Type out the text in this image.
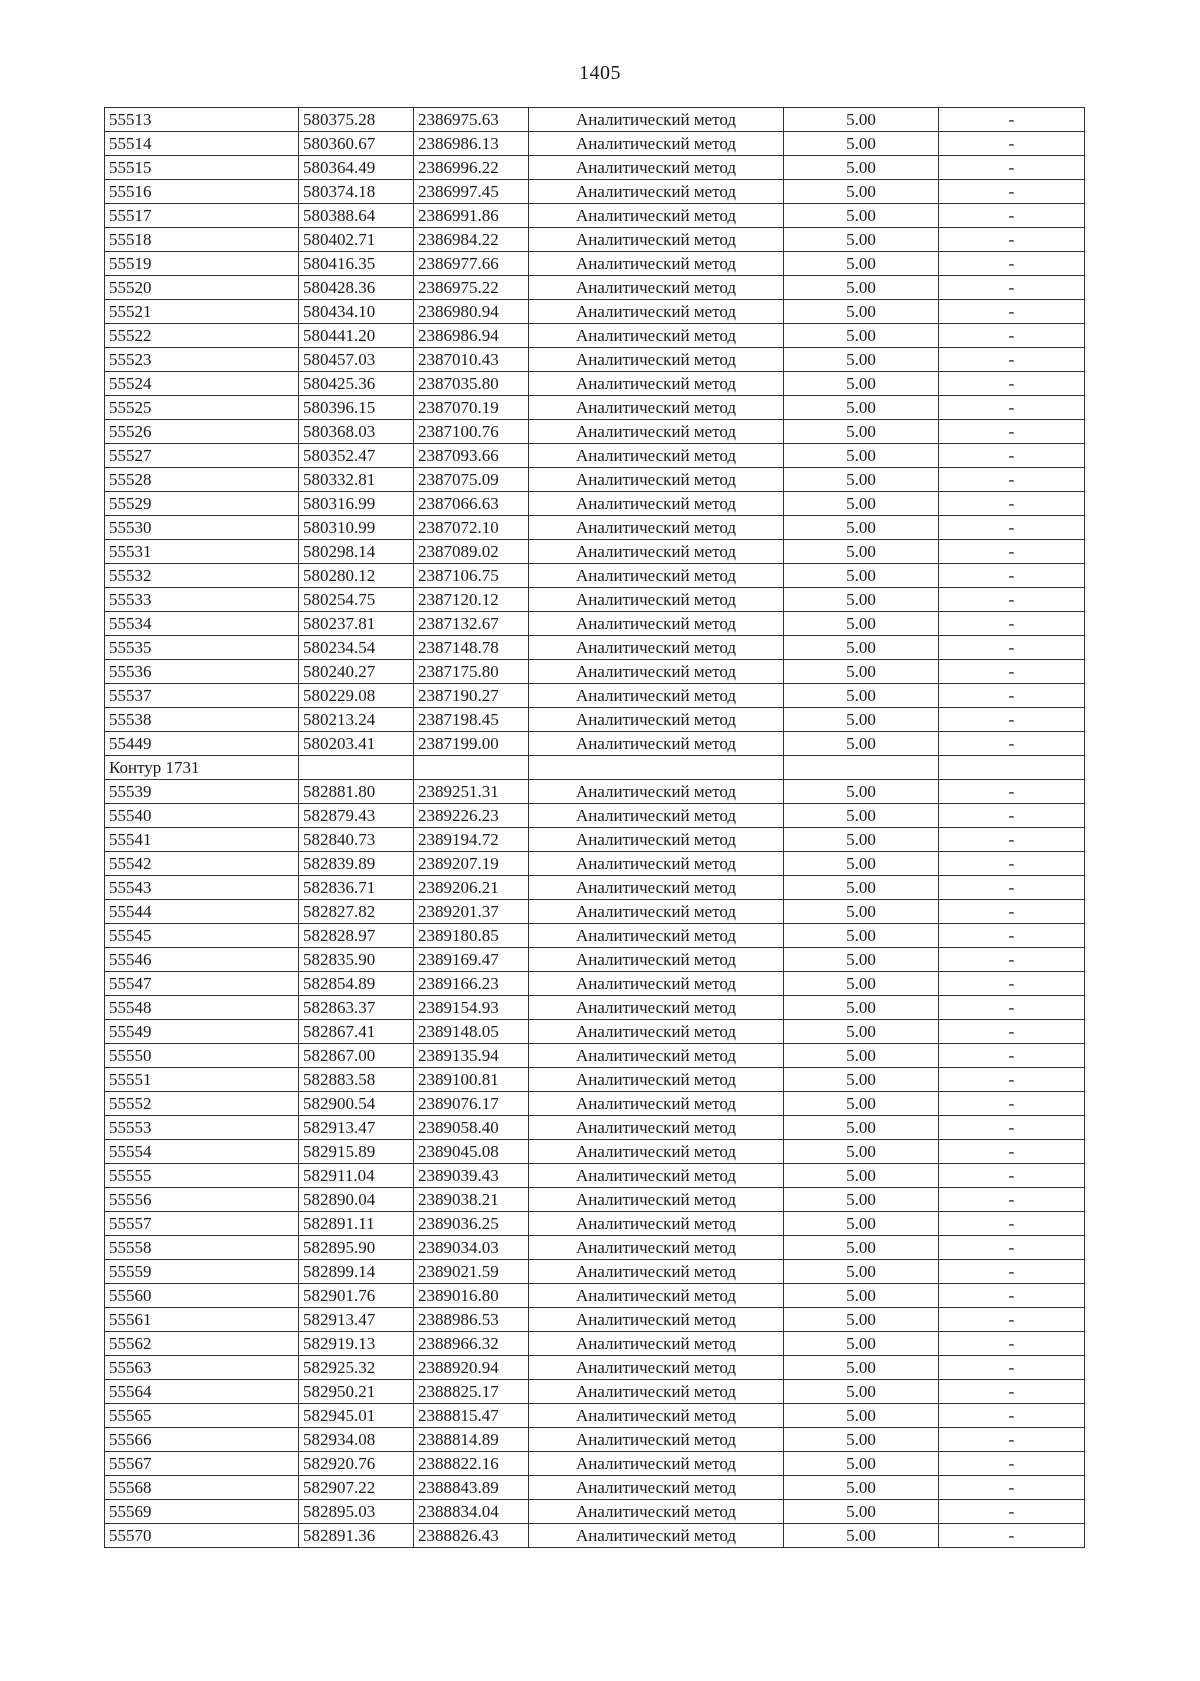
1405
55513	580375.28	2386975.63	Аналитический метод	5.00	-
55514	580360.67	2386986.13	Аналитический метод	5.00	-
55515	580364.49	2386996.22	Аналитический метод	5.00	-
55516	580374.18	2386997.45	Аналитический метод	5.00	-
55517	580388.64	2386991.86	Аналитический метод	5.00	-
55518	580402.71	2386984.22	Аналитический метод	5.00	-
55519	580416.35	2386977.66	Аналитический метод	5.00	-
55520	580428.36	2386975.22	Аналитический метод	5.00	-
55521	580434.10	2386980.94	Аналитический метод	5.00	-
55522	580441.20	2386986.94	Аналитический метод	5.00	-
55523	580457.03	2387010.43	Аналитический метод	5.00	-
55524	580425.36	2387035.80	Аналитический метод	5.00	-
55525	580396.15	2387070.19	Аналитический метод	5.00	-
55526	580368.03	2387100.76	Аналитический метод	5.00	-
55527	580352.47	2387093.66	Аналитический метод	5.00	-
55528	580332.81	2387075.09	Аналитический метод	5.00	-
55529	580316.99	2387066.63	Аналитический метод	5.00	-
55530	580310.99	2387072.10	Аналитический метод	5.00	-
55531	580298.14	2387089.02	Аналитический метод	5.00	-
55532	580280.12	2387106.75	Аналитический метод	5.00	-
55533	580254.75	2387120.12	Аналитический метод	5.00	-
55534	580237.81	2387132.67	Аналитический метод	5.00	-
55535	580234.54	2387148.78	Аналитический метод	5.00	-
55536	580240.27	2387175.80	Аналитический метод	5.00	-
55537	580229.08	2387190.27	Аналитический метод	5.00	-
55538	580213.24	2387198.45	Аналитический метод	5.00	-
55449	580203.41	2387199.00	Аналитический метод	5.00	-
Контур 1731					
55539	582881.80	2389251.31	Аналитический метод	5.00	-
55540	582879.43	2389226.23	Аналитический метод	5.00	-
55541	582840.73	2389194.72	Аналитический метод	5.00	-
55542	582839.89	2389207.19	Аналитический метод	5.00	-
55543	582836.71	2389206.21	Аналитический метод	5.00	-
55544	582827.82	2389201.37	Аналитический метод	5.00	-
55545	582828.97	2389180.85	Аналитический метод	5.00	-
55546	582835.90	2389169.47	Аналитический метод	5.00	-
55547	582854.89	2389166.23	Аналитический метод	5.00	-
55548	582863.37	2389154.93	Аналитический метод	5.00	-
55549	582867.41	2389148.05	Аналитический метод	5.00	-
55550	582867.00	2389135.94	Аналитический метод	5.00	-
55551	582883.58	2389100.81	Аналитический метод	5.00	-
55552	582900.54	2389076.17	Аналитический метод	5.00	-
55553	582913.47	2389058.40	Аналитический метод	5.00	-
55554	582915.89	2389045.08	Аналитический метод	5.00	-
55555	582911.04	2389039.43	Аналитический метод	5.00	-
55556	582890.04	2389038.21	Аналитический метод	5.00	-
55557	582891.11	2389036.25	Аналитический метод	5.00	-
55558	582895.90	2389034.03	Аналитический метод	5.00	-
55559	582899.14	2389021.59	Аналитический метод	5.00	-
55560	582901.76	2389016.80	Аналитический метод	5.00	-
55561	582913.47	2388986.53	Аналитический метод	5.00	-
55562	582919.13	2388966.32	Аналитический метод	5.00	-
55563	582925.32	2388920.94	Аналитический метод	5.00	-
55564	582950.21	2388825.17	Аналитический метод	5.00	-
55565	582945.01	2388815.47	Аналитический метод	5.00	-
55566	582934.08	2388814.89	Аналитический метод	5.00	-
55567	582920.76	2388822.16	Аналитический метод	5.00	-
55568	582907.22	2388843.89	Аналитический метод	5.00	-
55569	582895.03	2388834.04	Аналитический метод	5.00	-
55570	582891.36	2388826.43	Аналитический метод	5.00	-
